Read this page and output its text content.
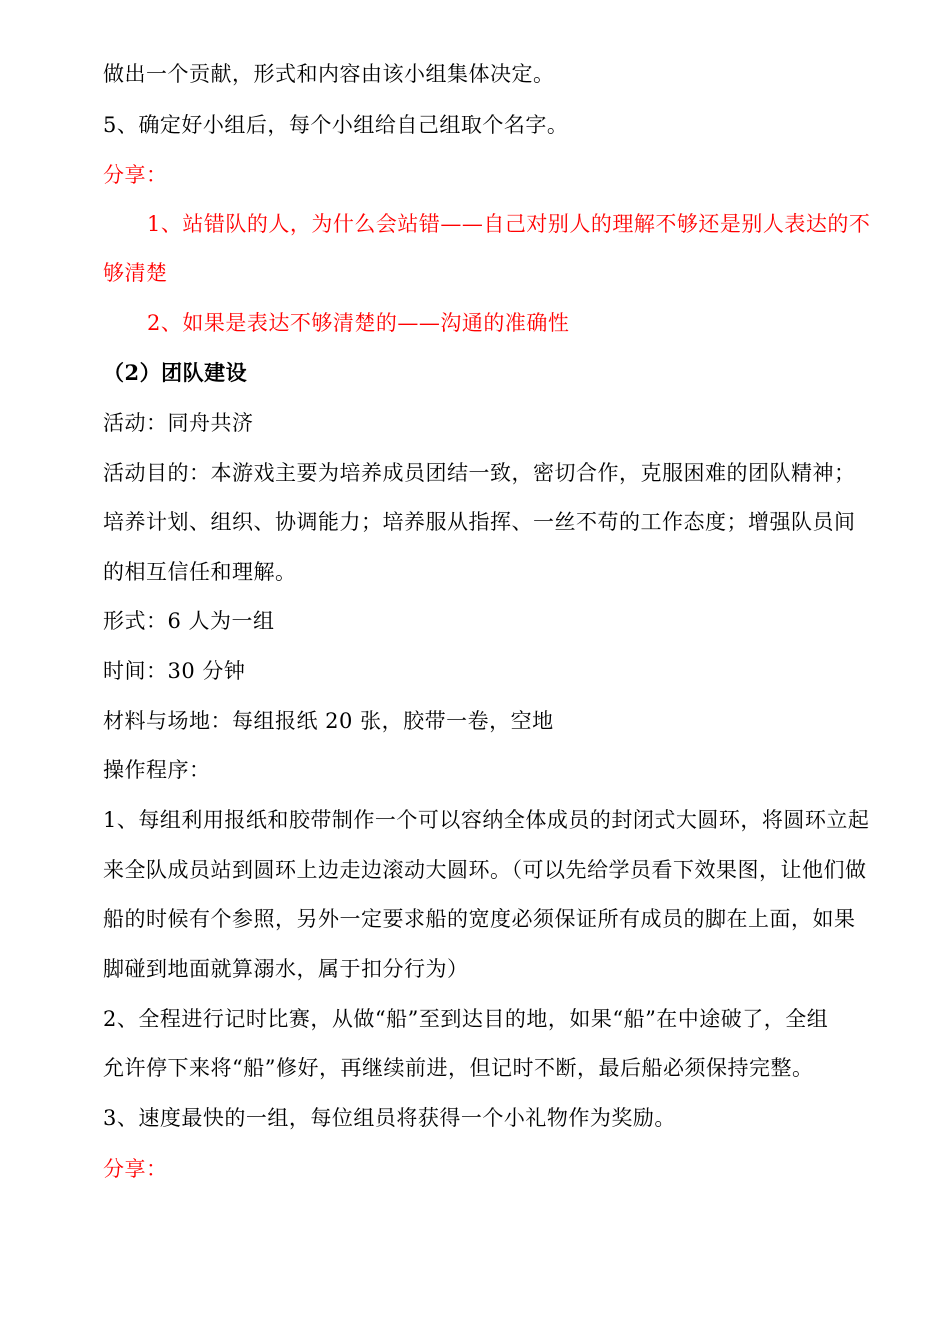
做出一个贡献，形式和内容由该小组集体决定。
5、确定好小组后，每个小组给自己组取个名字。
分享：
1、站错队的人，为什么会站错——自己对别人的理解不够还是别人表达的不
够清楚
2、如果是表达不够清楚的——沟通的准确性
（2）团队建设
活动：同舟共济
活动目的：本游戏主要为培养成员团结一致，密切合作，克服困难的团队精神；
培养计划、组织、协调能力；培养服从指挥、一丝不苟的工作态度；增强队员间
的相互信任和理解。
形式：6 人为一组
时间：30 分钟
材料与场地：每组报纸 20 张，胶带一卷，空地
操作程序：
1、每组利用报纸和胶带制作一个可以容纳全体成员的封闭式大圆环，将圆环立起
来全队成员站到圆环上边走边滚动大圆环。（可以先给学员看下效果图，让他们做
船的时候有个参照，另外一定要求船的宽度必须保证所有成员的脚在上面，如果
脚碰到地面就算溺水，属于扣分行为）
2、全程进行记时比赛，从做“船”至到达目的地，如果“船”在中途破了，全组
允许停下来将“船”修好，再继续前进，但记时不断，最后船必须保持完整。
3、速度最快的一组，每位组员将获得一个小礼物作为奖励。
分享：
